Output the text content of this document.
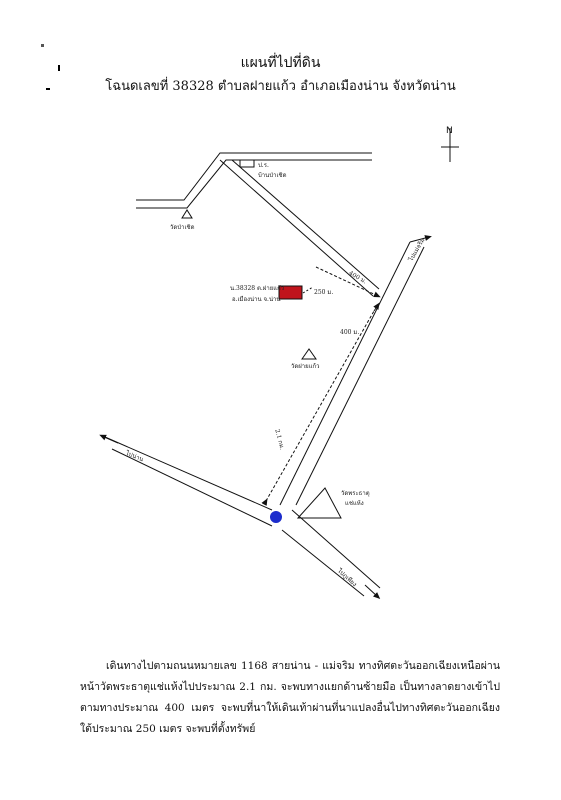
แผนที่ไปที่ดิน
โฉนดเลขที่ 38328 ตำบลฝายแก้ว อำเภอเมืองน่าน จังหวัดน่าน
N
ไปแม่จริม
ไปน่าน
ไปภูเพียง
วัดป่าเชิด
ป.ร.
บ้านป่าเชิด
วัดฝายแก้ว
วัดพระธาตุ
แช่แห้ง
น.38328 ต.ฝายแก้ว
อ.เมืองน่าน จ.น่าน
400 ม.
250 ม.
400 ม.
2.1 กม.
เดินทางไปตามถนนหมายเลข 1168 สายน่าน - แม่จริม ทางทิศตะวันออกเฉียงเหนือผ่านหน้าวัดพระธาตุแช่แห้งไปประมาณ 2.1 กม. จะพบทางแยกด้านซ้ายมือ เป็นทางลาดยางเข้าไปตามทางประมาณ 400 เมตร จะพบที่นาให้เดินเท้าผ่านที่นาแปลงอื่นไปทางทิศตะวันออกเฉียงใต้ประมาณ 250 เมตร จะพบที่ตั้งทรัพย์
